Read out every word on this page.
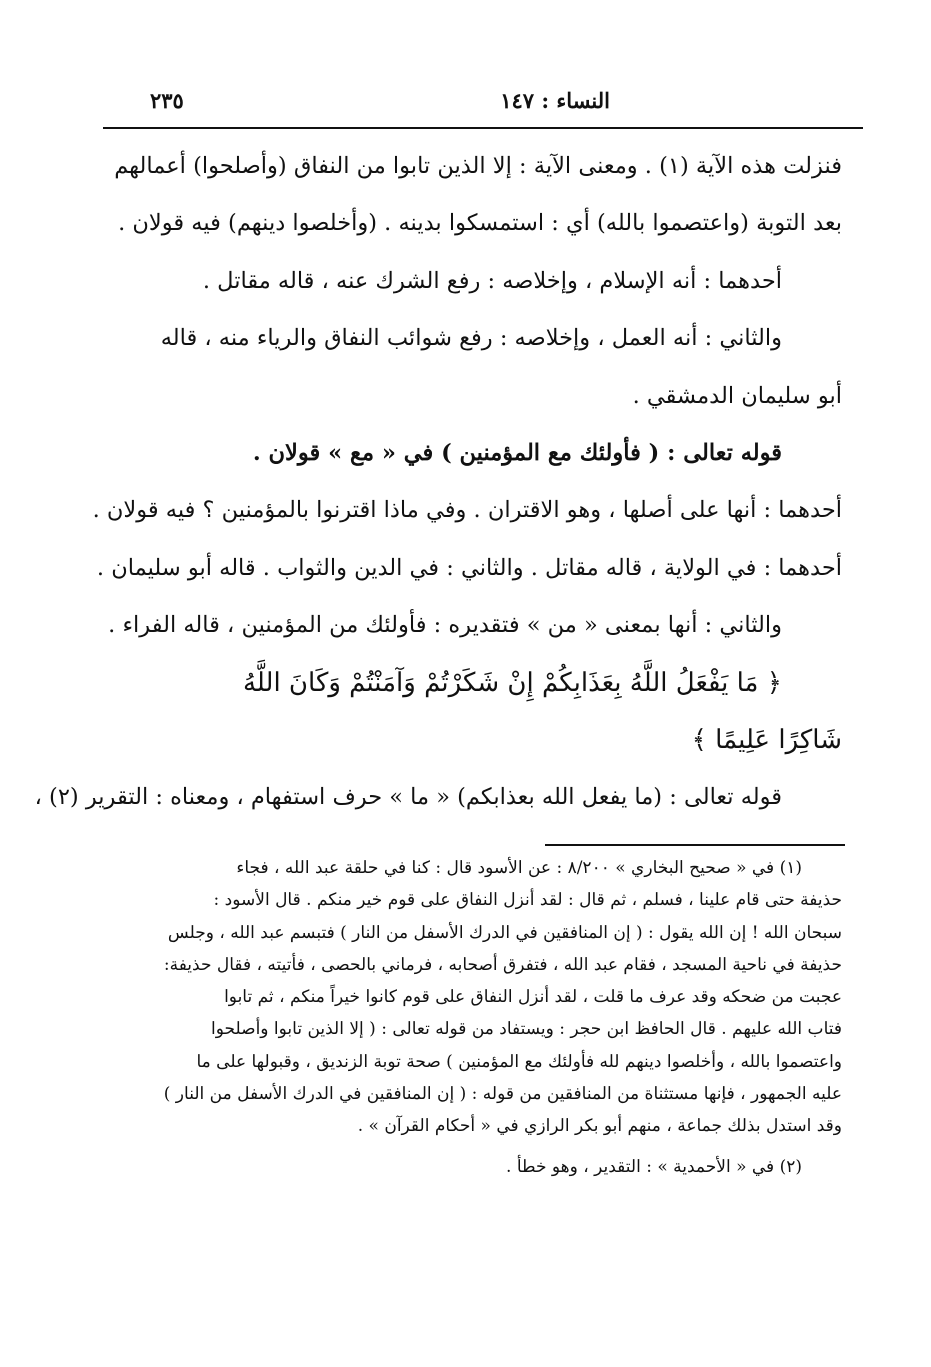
النساء : ١٤٧
٢٣٥
فنزلت هذه الآية (١) . ومعنى الآية : إلا الذين تابوا من النفاق (وأصلحوا) أعمالهم
بعد التوبة (واعتصموا بالله) أي : استمسكوا بدينه . (وأخلصوا دينهم) فيه قولان .
أحدهما : أنه الإسلام ، وإخلاصه : رفع الشرك عنه ، قاله مقاتل .
والثاني : أنه العمل ، وإخلاصه : رفع شوائب النفاق والرياء منه ، قاله
أبو سليمان الدمشقي .
قوله تعالى : ( فأولئك مع المؤمنين ) في « مع » قولان .
أحدهما : أنها على أصلها ، وهو الاقتران . وفي ماذا اقترنوا بالمؤمنين ؟ فيه قولان .
أحدهما : في الولاية ، قاله مقاتل . والثاني : في الدين والثواب . قاله أبو سليمان .
والثاني : أنها بمعنى « من » فتقديره : فأولئك من المؤمنين ، قاله الفراء .
﴿ مَا يَفْعَلُ اللَّهُ بِعَذَابِكُمْ إِنْ شَكَرْتُمْ وَآمَنْتُمْ وَكَانَ اللَّهُ
شَاكِرًا عَلِيمًا ﴾
قوله تعالى : (ما يفعل الله بعذابكم) « ما » حرف استفهام ، ومعناه : التقرير (٢) ،
(١) في « صحيح البخاري » ٨/٢٠٠ : عن الأسود قال : كنا في حلقة عبد الله ، فجاء
حذيفة حتى قام علينا ، فسلم ، ثم قال : لقد أنزل النفاق على قوم خير منكم . قال الأسود :
سبحان الله ! إن الله يقول : ( إن المنافقين في الدرك الأسفل من النار ) فتبسم عبد الله ، وجلس
حذيفة في ناحية المسجد ، فقام عبد الله ، فتفرق أصحابه ، فرماني بالحصى ، فأتيته ، فقال حذيفة:
عجبت من ضحكه وقد عرف ما قلت ، لقد أنزل النفاق على قوم كانوا خيراً منكم ، ثم تابوا
فتاب الله عليهم . قال الحافظ ابن حجر : ويستفاد من قوله تعالى : ( إلا الذين تابوا وأصلحوا
واعتصموا بالله ، وأخلصوا دينهم لله فأولئك مع المؤمنين ) صحة توبة الزنديق ، وقبولها على ما
عليه الجمهور ، فإنها مستثناة من المنافقين من قوله : ( إن المنافقين في الدرك الأسفل من النار )
وقد استدل بذلك جماعة ، منهم أبو بكر الرازي في « أحكام القرآن » .
(٢) في « الأحمدية » : التقدير ، وهو خطأ .
